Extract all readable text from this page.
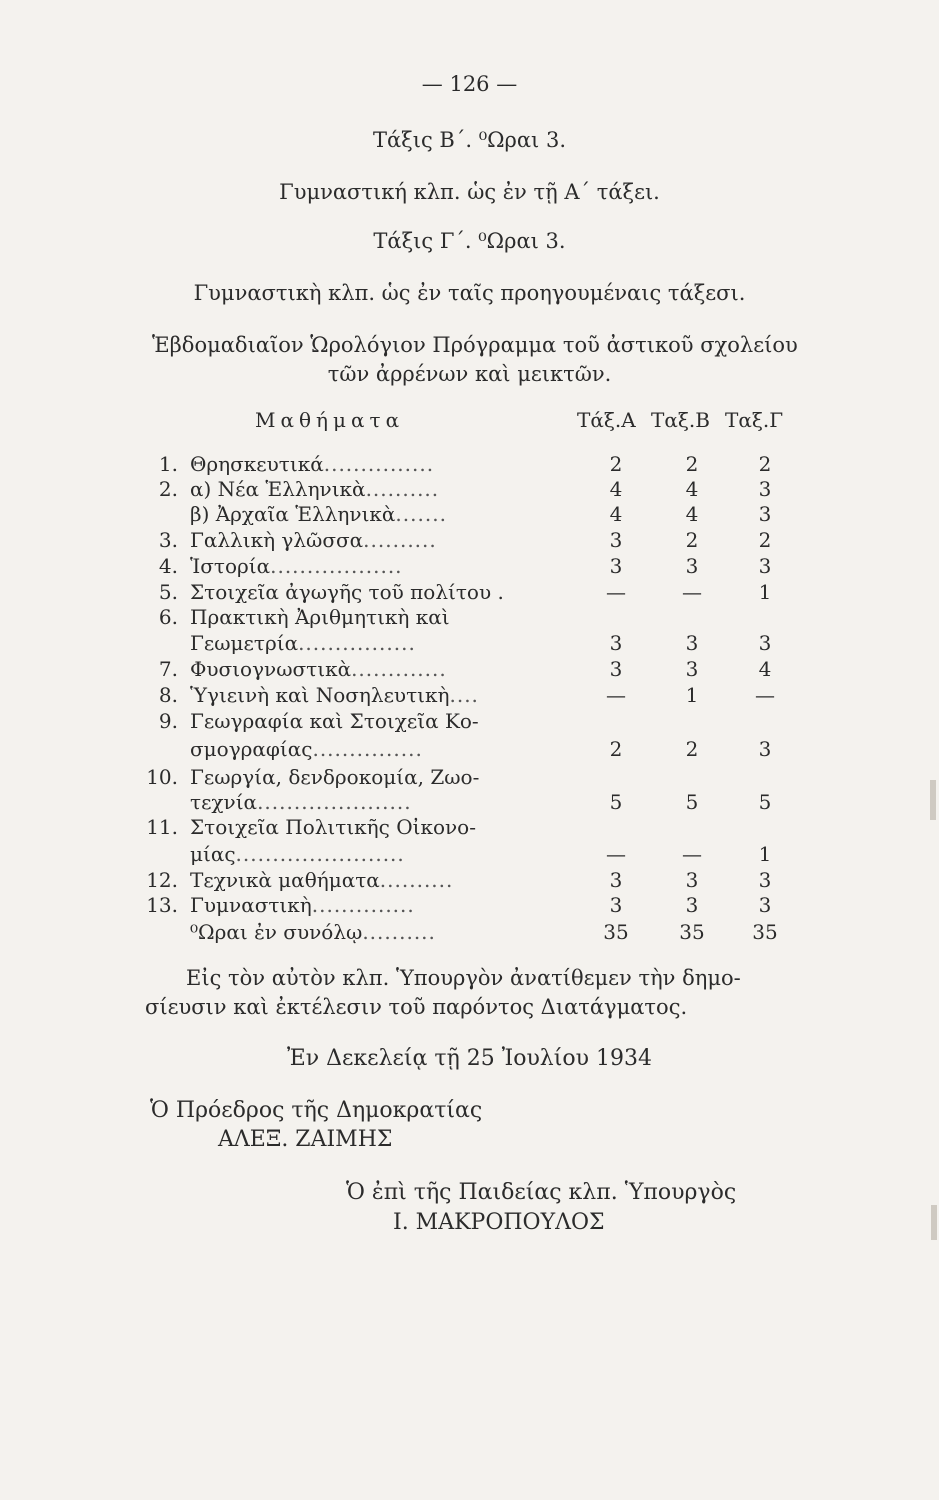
— 126 —
Τάξις Β΄. ⁰Ωραι 3.
Γυμναστική κλπ. ὡς ἐν τῇ Α΄ τάξει.
Τάξις Γ΄. ⁰Ωραι 3.
Γυμναστικὴ κλπ. ὡς ἐν ταῖς προηγουμέναις τάξεσι.
Ἑβδομαδιαῖον Ὡρολόγιον Πρόγραμμα τοῦ ἀστικοῦ σχολείου
τῶν ἀρρένων καὶ μεικτῶν.
Μαθήματα	Τάξ.Α Ταξ.Β Ταξ.Γ
1. Θρησκευτικά...............	2	2	2
2. α) Νέα Ἑλληνικὰ..........	4	4	3
β) Ἀρχαῖα Ἑλληνικὰ.......	4	4	3
3. Γαλλικὴ γλῶσσα..........	3	2	2
4. Ἱστορία..................	3	3	3
5. Στοιχεῖα ἀγωγῆς τοῦ πολίτου .	—	—	1
6. Πρακτικὴ Ἀριθμητικὴ καὶ
Γεωμετρία................	3	3	3
7. Φυσιογνωστικὰ.............	3	3	4
8. Ὑγιεινὴ καὶ Νοσηλευτικὴ....	—	1	—
9. Γεωγραφία καὶ Στοιχεῖα Κο-
σμογραφίας...............	2	2	3
10. Γεωργία, δενδροκομία, Ζωο-
τεχνία.....................	5	5	5
11. Στοιχεῖα Πολιτικῆς Οἰκονο-
μίας.......................	—	—	1
12. Τεχνικὰ μαθήματα..........	3	3	3
13. Γυμναστικὴ..............	3	3	3
⁰Ωραι ἐν συνόλῳ..........	35	35	35
Εἰς τὸν αὐτὸν κλπ. Ὑπουργὸν ἀνατίθεμεν τὴν δημο-
σίευσιν καὶ ἐκτέλεσιν τοῦ παρόντος Διατάγματος.
Ἐν Δεκελείᾳ τῇ 25 Ἰουλίου 1934
Ὁ Πρόεδρος τῆς Δημοκρατίας
ΑΛΕΞ. ΖΑΙΜΗΣ
Ὁ ἐπὶ τῆς Παιδείας κλπ. Ὑπουργὸς
Ι. ΜΑΚΡΟΠΟΥΛΟΣ
